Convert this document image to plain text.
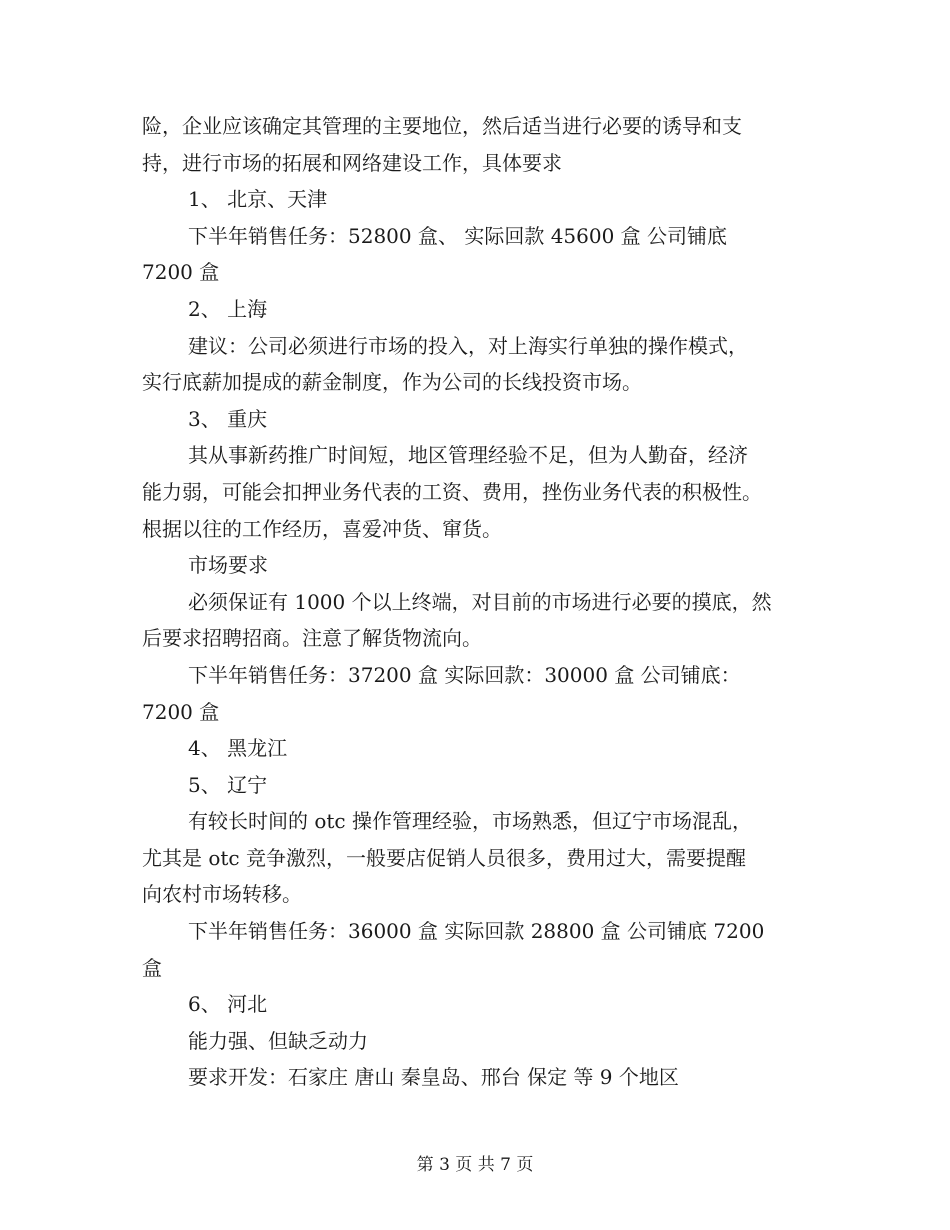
险，企业应该确定其管理的主要地位，然后适当进行必要的诱导和支
持，进行市场的拓展和网络建设工作，具体要求
1、 北京、天津
下半年销售任务：52800 盒、 实际回款 45600 盒 公司铺底
7200 盒
2、 上海
建议：公司必须进行市场的投入，对上海实行单独的操作模式，
实行底薪加提成的薪金制度，作为公司的长线投资市场。
3、 重庆
其从事新药推广时间短，地区管理经验不足，但为人勤奋，经济
能力弱，可能会扣押业务代表的工资、费用，挫伤业务代表的积极性。
根据以往的工作经历，喜爱冲货、窜货。
市场要求
必须保证有 1000 个以上终端，对目前的市场进行必要的摸底，然
后要求招聘招商。注意了解货物流向。
下半年销售任务：37200 盒 实际回款：30000 盒 公司铺底：
7200 盒
4、 黑龙江
5、 辽宁
有较长时间的 otc 操作管理经验，市场熟悉，但辽宁市场混乱，
尤其是 otc 竞争激烈，一般要店促销人员很多，费用过大，需要提醒
向农村市场转移。
下半年销售任务：36000 盒 实际回款 28800 盒 公司铺底 7200
盒
6、 河北
能力强、但缺乏动力
要求开发：石家庄 唐山 秦皇岛、邢台 保定 等 9 个地区
第 3 页 共 7 页
